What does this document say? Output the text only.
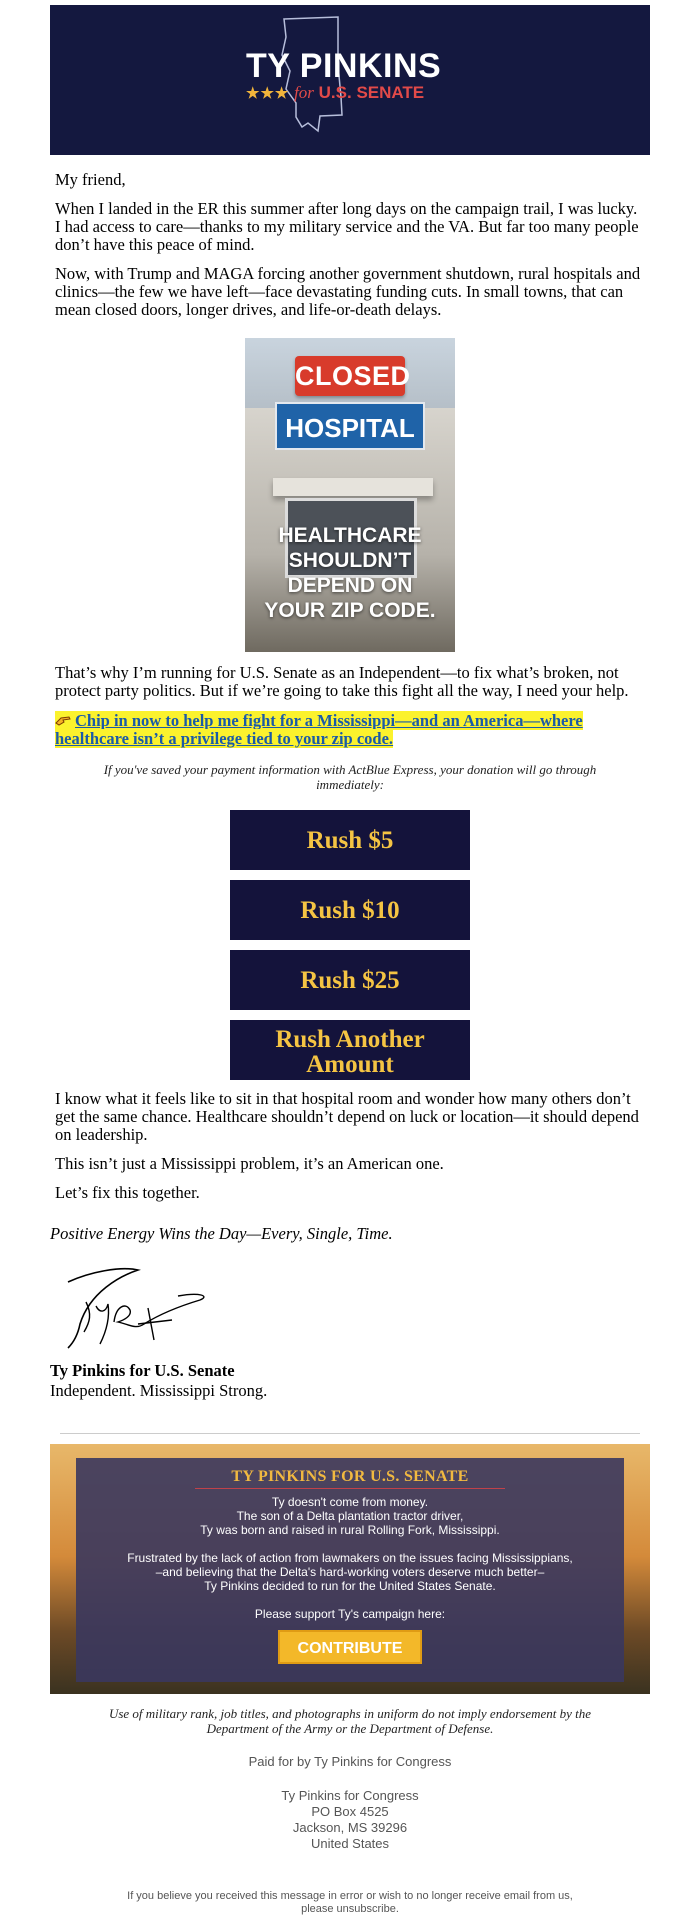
TY PINKINS
★★★ for U.S. SENATE

My friend,

When I landed in the ER this summer after long days on the campaign trail, I was lucky. I had access to care—thanks to my military service and the VA. But far too many people don’t have this peace of mind.

Now, with Trump and MAGA forcing another government shutdown, rural hospitals and clinics—the few we have left—face devastating funding cuts. In small towns, that can mean closed doors, longer drives, and life-or-death delays.

CLOSED
HOSPITAL
HEALTHCARE
SHOULDN’T
DEPEND ON
YOUR ZIP CODE.

That’s why I’m running for U.S. Senate as an Independent—to fix what’s broken, not protect party politics. But if we’re going to take this fight all the way, I need your help.

Chip in now to help me fight for a Mississippi—and an America—where healthcare isn’t a privilege tied to your zip code.

If you've saved your payment information with ActBlue Express, your donation will go through immediately:
Rush $5
Rush $10
Rush $25
Rush Another
Amount

I know what it feels like to sit in that hospital room and wonder how many others don’t get the same chance. Healthcare shouldn’t depend on luck or location—it should depend on leadership.

This isn’t just a Mississippi problem, it’s an American one.

Let’s fix this together.

Positive Energy Wins the Day—Every, Single, Time.
Ty Pinkins for U.S. Senate
Independent. Mississippi Strong.
TY PINKINS FOR U.S. SENATE
Ty doesn't come from money.
The son of a Delta plantation tractor driver,
Ty was born and raised in rural Rolling Fork, Mississippi.
Frustrated by the lack of action from lawmakers on the issues facing Mississippians,
–and believing that the Delta's hard-working voters deserve much better–
Ty Pinkins decided to run for the United States Senate.
Please support Ty's campaign here:
CONTRIBUTE
Use of military rank, job titles, and photographs in uniform do not imply endorsement by the Department of the Army or the Department of Defense.
Paid for by Ty Pinkins for Congress
Ty Pinkins for Congress
PO Box 4525
Jackson, MS 39296
United States
If you believe you received this message in error or wish to no longer receive email from us, please unsubscribe.
